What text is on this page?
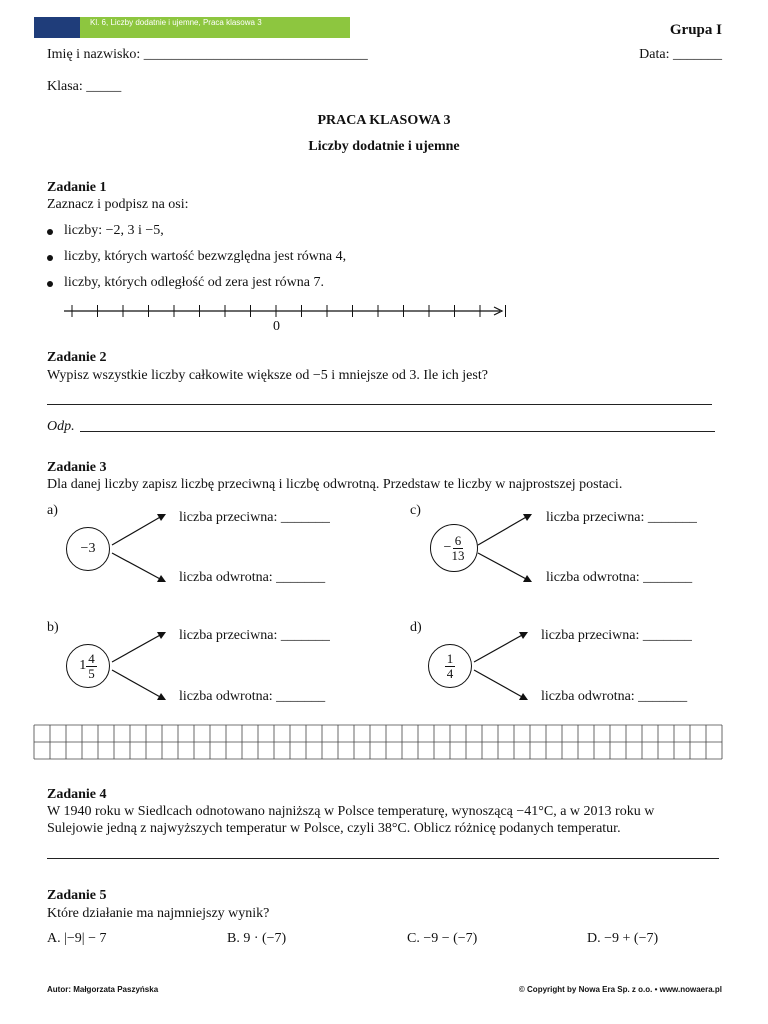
Kl. 6, Liczby dodatnie i ujemne, Praca klasowa 3	Grupa I
Imię i nazwisko: ________________________________	Data: _______
Klasa: _____
PRACA KLASOWA 3
Liczby dodatnie i ujemne
Zadanie 1
Zaznacz i podpisz na osi:
liczby: −2, 3 i −5,
liczby, których wartość bezwzględna jest równa 4,
liczby, których odległość od zera jest równa 7.
0
Zadanie 2
Wypisz wszystkie liczby całkowite większe od −5 i mniejsze od 3. Ile ich jest?
Odp.
Zadanie 3
Dla danej liczby zapisz liczbę przeciwną i liczbę odwrotną. Przedstaw te liczby w najprostszej postaci.
a)
−3
liczba przeciwna: _______
liczba odwrotna: _______
c)
− $\frac{6}{13}$
liczba przeciwna: _______
liczba odwrotna: _______
b)
$1 \frac{4}{5}$
liczba przeciwna: _______
liczba odwrotna: _______
d)
$\frac{1}{4}$
liczba przeciwna: _______
liczba odwrotna: _______
Zadanie 4
W 1940 roku w Siedlcach odnotowano najniższą w Polsce temperaturę, wynoszącą −41°C, a w 2013 roku w
Sulejowie jedną z najwyższych temperatur w Polsce, czyli 38°C. Oblicz różnicę podanych temperatur.
Zadanie 5
Które działanie ma najmniejszy wynik?
A. |−9| − 7	B. 9 · (−7)	C. −9 − (−7)	D. −9 + (−7)
Autor: Małgorzata Paszyńska	© Copyright by Nowa Era Sp. z o.o. • www.nowaera.pl
